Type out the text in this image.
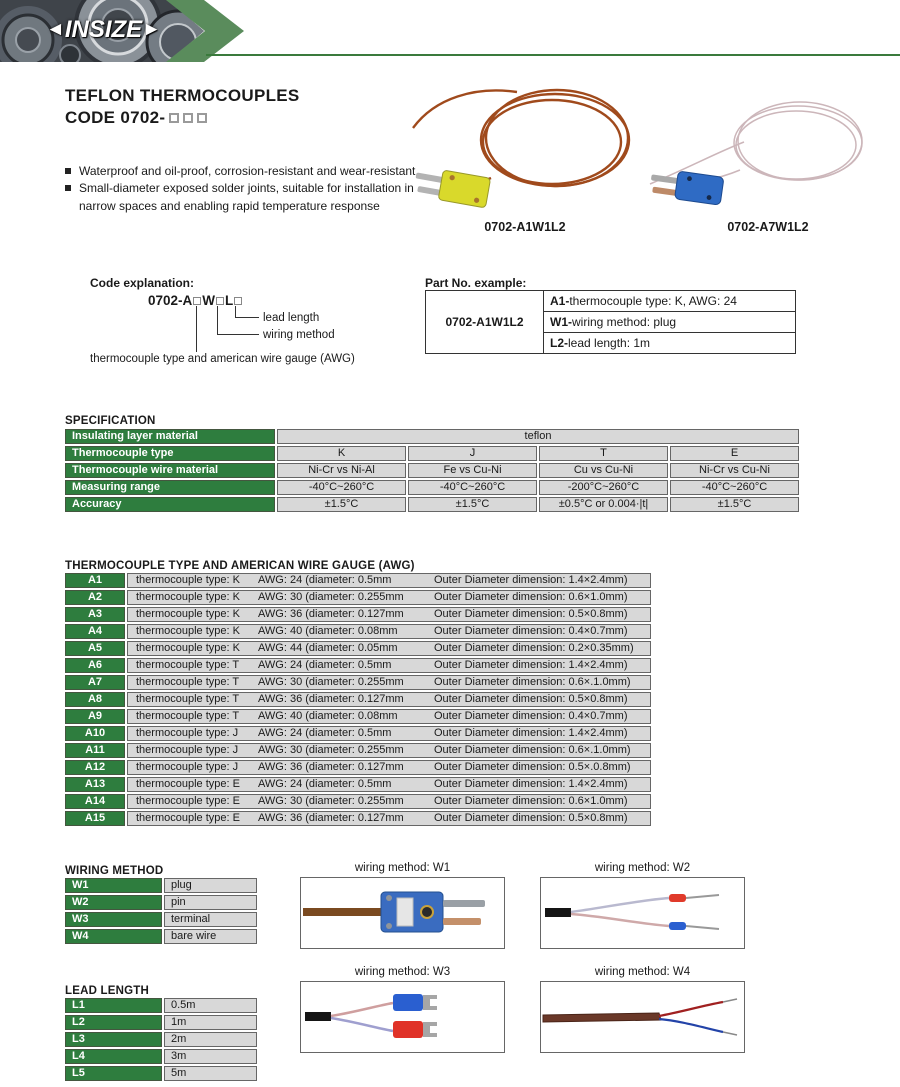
◄INSIZE►
TEFLON THERMOCOUPLES
CODE 0702-
Waterproof and oil-proof, corrosion-resistant and wear-resistant
Small-diameter exposed solder joints, suitable for installation in narrow spaces and enabling rapid temperature response
0702-A1W1L2	0702-A7W1L2
Code explanation:
0702-A W L
lead length
wiring method
thermocouple type and american wire gauge (AWG)
Part No. example:
0702-A1W1L2	A1-thermocouple type: K, AWG: 24
W1-wiring method: plug
L2-lead length: 1m
SPECIFICATION
Insulating layer material	teflon
Thermocouple type	K	J	T	E
Thermocouple wire material	Ni-Cr vs Ni-Al	Fe vs Cu-Ni	Cu vs Cu-Ni	Ni-Cr vs Cu-Ni
Measuring range	-40°C~260°C	-40°C~260°C	-200°C~260°C	-40°C~260°C
Accuracy	±1.5°C	±1.5°C	±0.5°C or 0.004·|t|	±1.5°C
THERMOCOUPLE TYPE AND AMERICAN WIRE GAUGE (AWG)
A1	thermocouple type: K	AWG: 24 (diameter: 0.5mm	Outer Diameter dimension: 1.4×2.4mm)
A2	thermocouple type: K	AWG: 30 (diameter: 0.255mm	Outer Diameter dimension: 0.6×1.0mm)
A3	thermocouple type: K	AWG: 36 (diameter: 0.127mm	Outer Diameter dimension: 0.5×0.8mm)
A4	thermocouple type: K	AWG: 40 (diameter: 0.08mm	Outer Diameter dimension: 0.4×0.7mm)
A5	thermocouple type: K	AWG: 44 (diameter: 0.05mm	Outer Diameter dimension: 0.2×0.35mm)
A6	thermocouple type: T	AWG: 24 (diameter: 0.5mm	Outer Diameter dimension: 1.4×2.4mm)
A7	thermocouple type: T	AWG: 30 (diameter: 0.255mm	Outer Diameter dimension: 0.6×.1.0mm)
A8	thermocouple type: T	AWG: 36 (diameter: 0.127mm	Outer Diameter dimension: 0.5×0.8mm)
A9	thermocouple type: T	AWG: 40 (diameter: 0.08mm	Outer Diameter dimension: 0.4×0.7mm)
A10	thermocouple type: J	AWG: 24 (diameter: 0.5mm	Outer Diameter dimension: 1.4×2.4mm)
A11	thermocouple type: J	AWG: 30 (diameter: 0.255mm	Outer Diameter dimension: 0.6×.1.0mm)
A12	thermocouple type: J	AWG: 36 (diameter: 0.127mm	Outer Diameter dimension: 0.5×.0.8mm)
A13	thermocouple type: E	AWG: 24 (diameter: 0.5mm	Outer Diameter dimension: 1.4×2.4mm)
A14	thermocouple type: E	AWG: 30 (diameter: 0.255mm	Outer Diameter dimension: 0.6×1.0mm)
A15	thermocouple type: E	AWG: 36 (diameter: 0.127mm	Outer Diameter dimension: 0.5×0.8mm)
WIRING METHOD
W1	plug
W2	pin
W3	terminal
W4	bare wire
LEAD LENGTH
L1	0.5m
L2	1m
L3	2m
L4	3m
L5	5m
wiring method: W1	wiring method: W2
wiring method: W3	wiring method: W4
